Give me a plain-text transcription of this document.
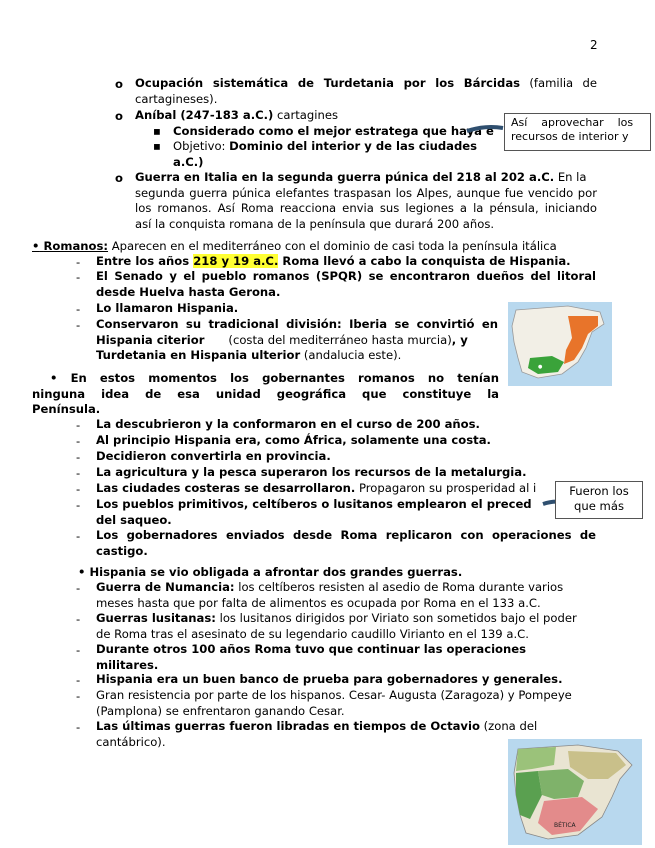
2
o Ocupación sistemática de Turdetania por los Bárcidas (familia de
cartagineses).
o Aníbal (247-183 a.C.) cartagines
▪ Considerado como el mejor estratega que haya e
▪ Objetivo: Dominio del interior y de las ciudades
a.C.)
o Guerra en Italia en la segunda guerra púnica del 218 al 202 a.C. En la
segunda guerra púnica elefantes traspasan los Alpes, aunque fue vencido por
los romanos. Así Roma reacciona envia sus legiones a la pénsula, iniciando
así la conquista romana de la península que durará 200 años.
Así    aprovechar    los
recursos de interior y
• Romanos: Aparecen en el mediterráneo con el dominio de casi toda la península itálica
- Entre los años 218 y 19 a.C. Roma llevó a cabo la conquista de Hispania.
- El Senado y el pueblo romanos (SPQR) se encontraron dueños del litoral
desde Huelva hasta Gerona.
- Lo llamaron Hispania.
- Conservaron su tradicional división: Iberia se convirtió en
Hispania citerior (costa del mediterráneo hasta murcia), y
Turdetania en Hispania ulterior (andalucia este).
●
• En estos momentos los gobernantes romanos no tenían
ninguna idea de esa unidad geográfica que constituye la
Península.
- La descubrieron y la conformaron en el curso de 200 años.
- Al principio Hispania era, como África, solamente una costa.
- Decidieron convertirla en provincia.
- La agricultura y la pesca superaron los recursos de la metalurgia.
- Las ciudades costeras se desarrollaron. Propagaron su prosperidad al i
- Los pueblos primitivos, celtíberos o lusitanos emplearon el preced
del saqueo.
- Los gobernadores enviados desde Roma replicaron con operaciones de
castigo.
Fueron los
que más
• Hispania se vio obligada a afrontar dos grandes guerras.
- Guerra de Numancia: los celtíberos resisten al asedio de Roma durante varios
meses hasta que por falta de alimentos es ocupada por Roma en el 133 a.C.
- Guerras lusitanas: los lusitanos dirigidos por Viriato son sometidos bajo el poder
de Roma tras el asesinato de su legendario caudillo Virianto en el 139 a.C.
- Durante otros 100 años Roma tuvo que continuar las operaciones
militares.
- Hispania era un buen banco de prueba para gobernadores y generales.
- Gran resistencia por parte de los hispanos. Cesar- Augusta (Zaragoza) y Pompeye
(Pamplona) se enfrentaron ganando Cesar.
- Las últimas guerras fueron libradas en tiempos de Octavio (zona del
cantábrico).
BÉTICA
